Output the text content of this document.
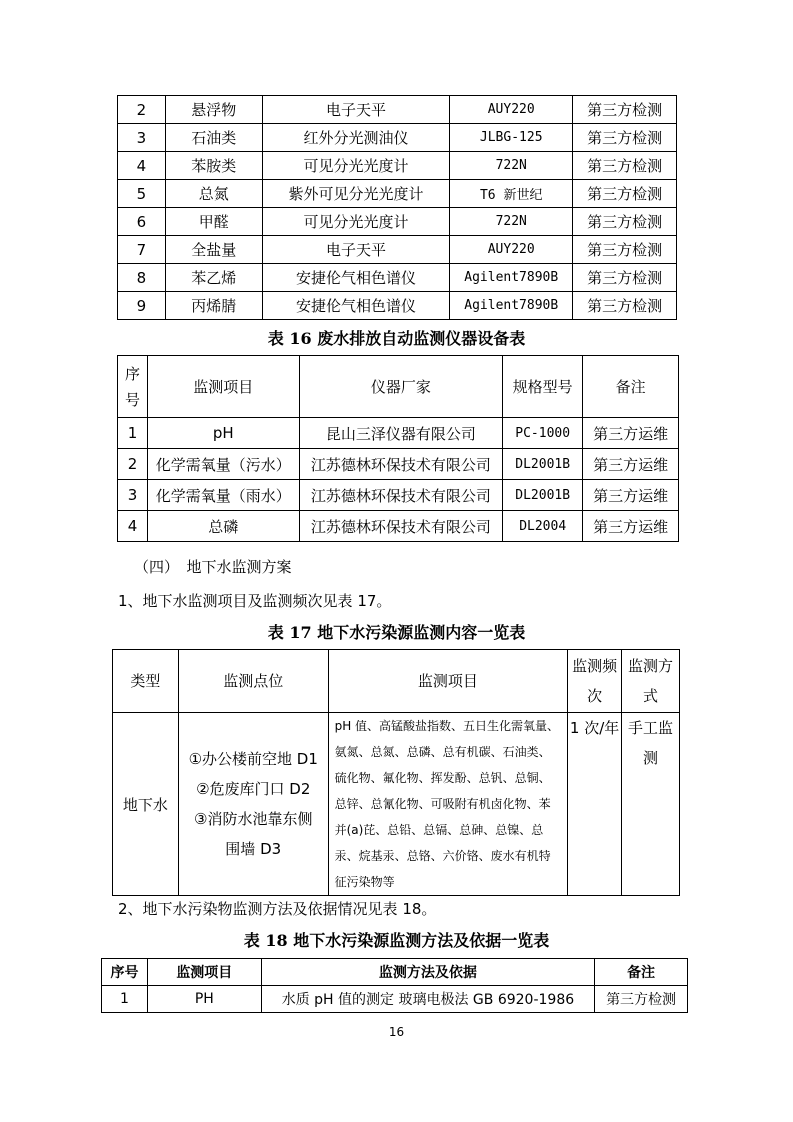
2	悬浮物	电子天平	AUY220	第三方检测
3	石油类	红外分光测油仪	JLBG-125	第三方检测
4	苯胺类	可见分光光度计	722N	第三方检测
5	总氮	紫外可见分光光度计	T6 新世纪	第三方检测
6	甲醛	可见分光光度计	722N	第三方检测
7	全盐量	电子天平	AUY220	第三方检测
8	苯乙烯	安捷伦气相色谱仪	Agilent7890B	第三方检测
9	丙烯腈	安捷伦气相色谱仪	Agilent7890B	第三方检测
表 16 废水排放自动监测仪器设备表
序号	监测项目	仪器厂家	规格型号	备注
1	pH	昆山三泽仪器有限公司	PC-1000	第三方运维
2	化学需氧量（污水）	江苏德林环保技术有限公司	DL2001B	第三方运维
3	化学需氧量（雨水）	江苏德林环保技术有限公司	DL2001B	第三方运维
4	总磷	江苏德林环保技术有限公司	DL2004	第三方运维
（四）　地下水监测方案
1、地下水监测项目及监测频次见表 17。
表 17 地下水污染源监测内容一览表
类型	监测点位	监测项目	监测频次	监测方式
地下水	①办公楼前空地 D1
②危废库门口 D2
③消防水池靠东侧
围墙 D3	pH 值、高锰酸盐指数、五日生化需氧量、氨氮、总氮、总磷、总有机碳、石油类、硫化物、氟化物、挥发酚、总钒、总铜、总锌、总氰化物、可吸附有机卤化物、苯并(a)芘、总铅、总镉、总砷、总镍、总汞、烷基汞、总铬、六价铬、废水有机特征污染物等	1 次/年	手工监测
2、地下水污染物监测方法及依据情况见表 18。
表 18 地下水污染源监测方法及依据一览表
序号	监测项目	监测方法及依据	备注
1	PH	水质 pH 值的测定 玻璃电极法 GB 6920-1986	第三方检测
16
